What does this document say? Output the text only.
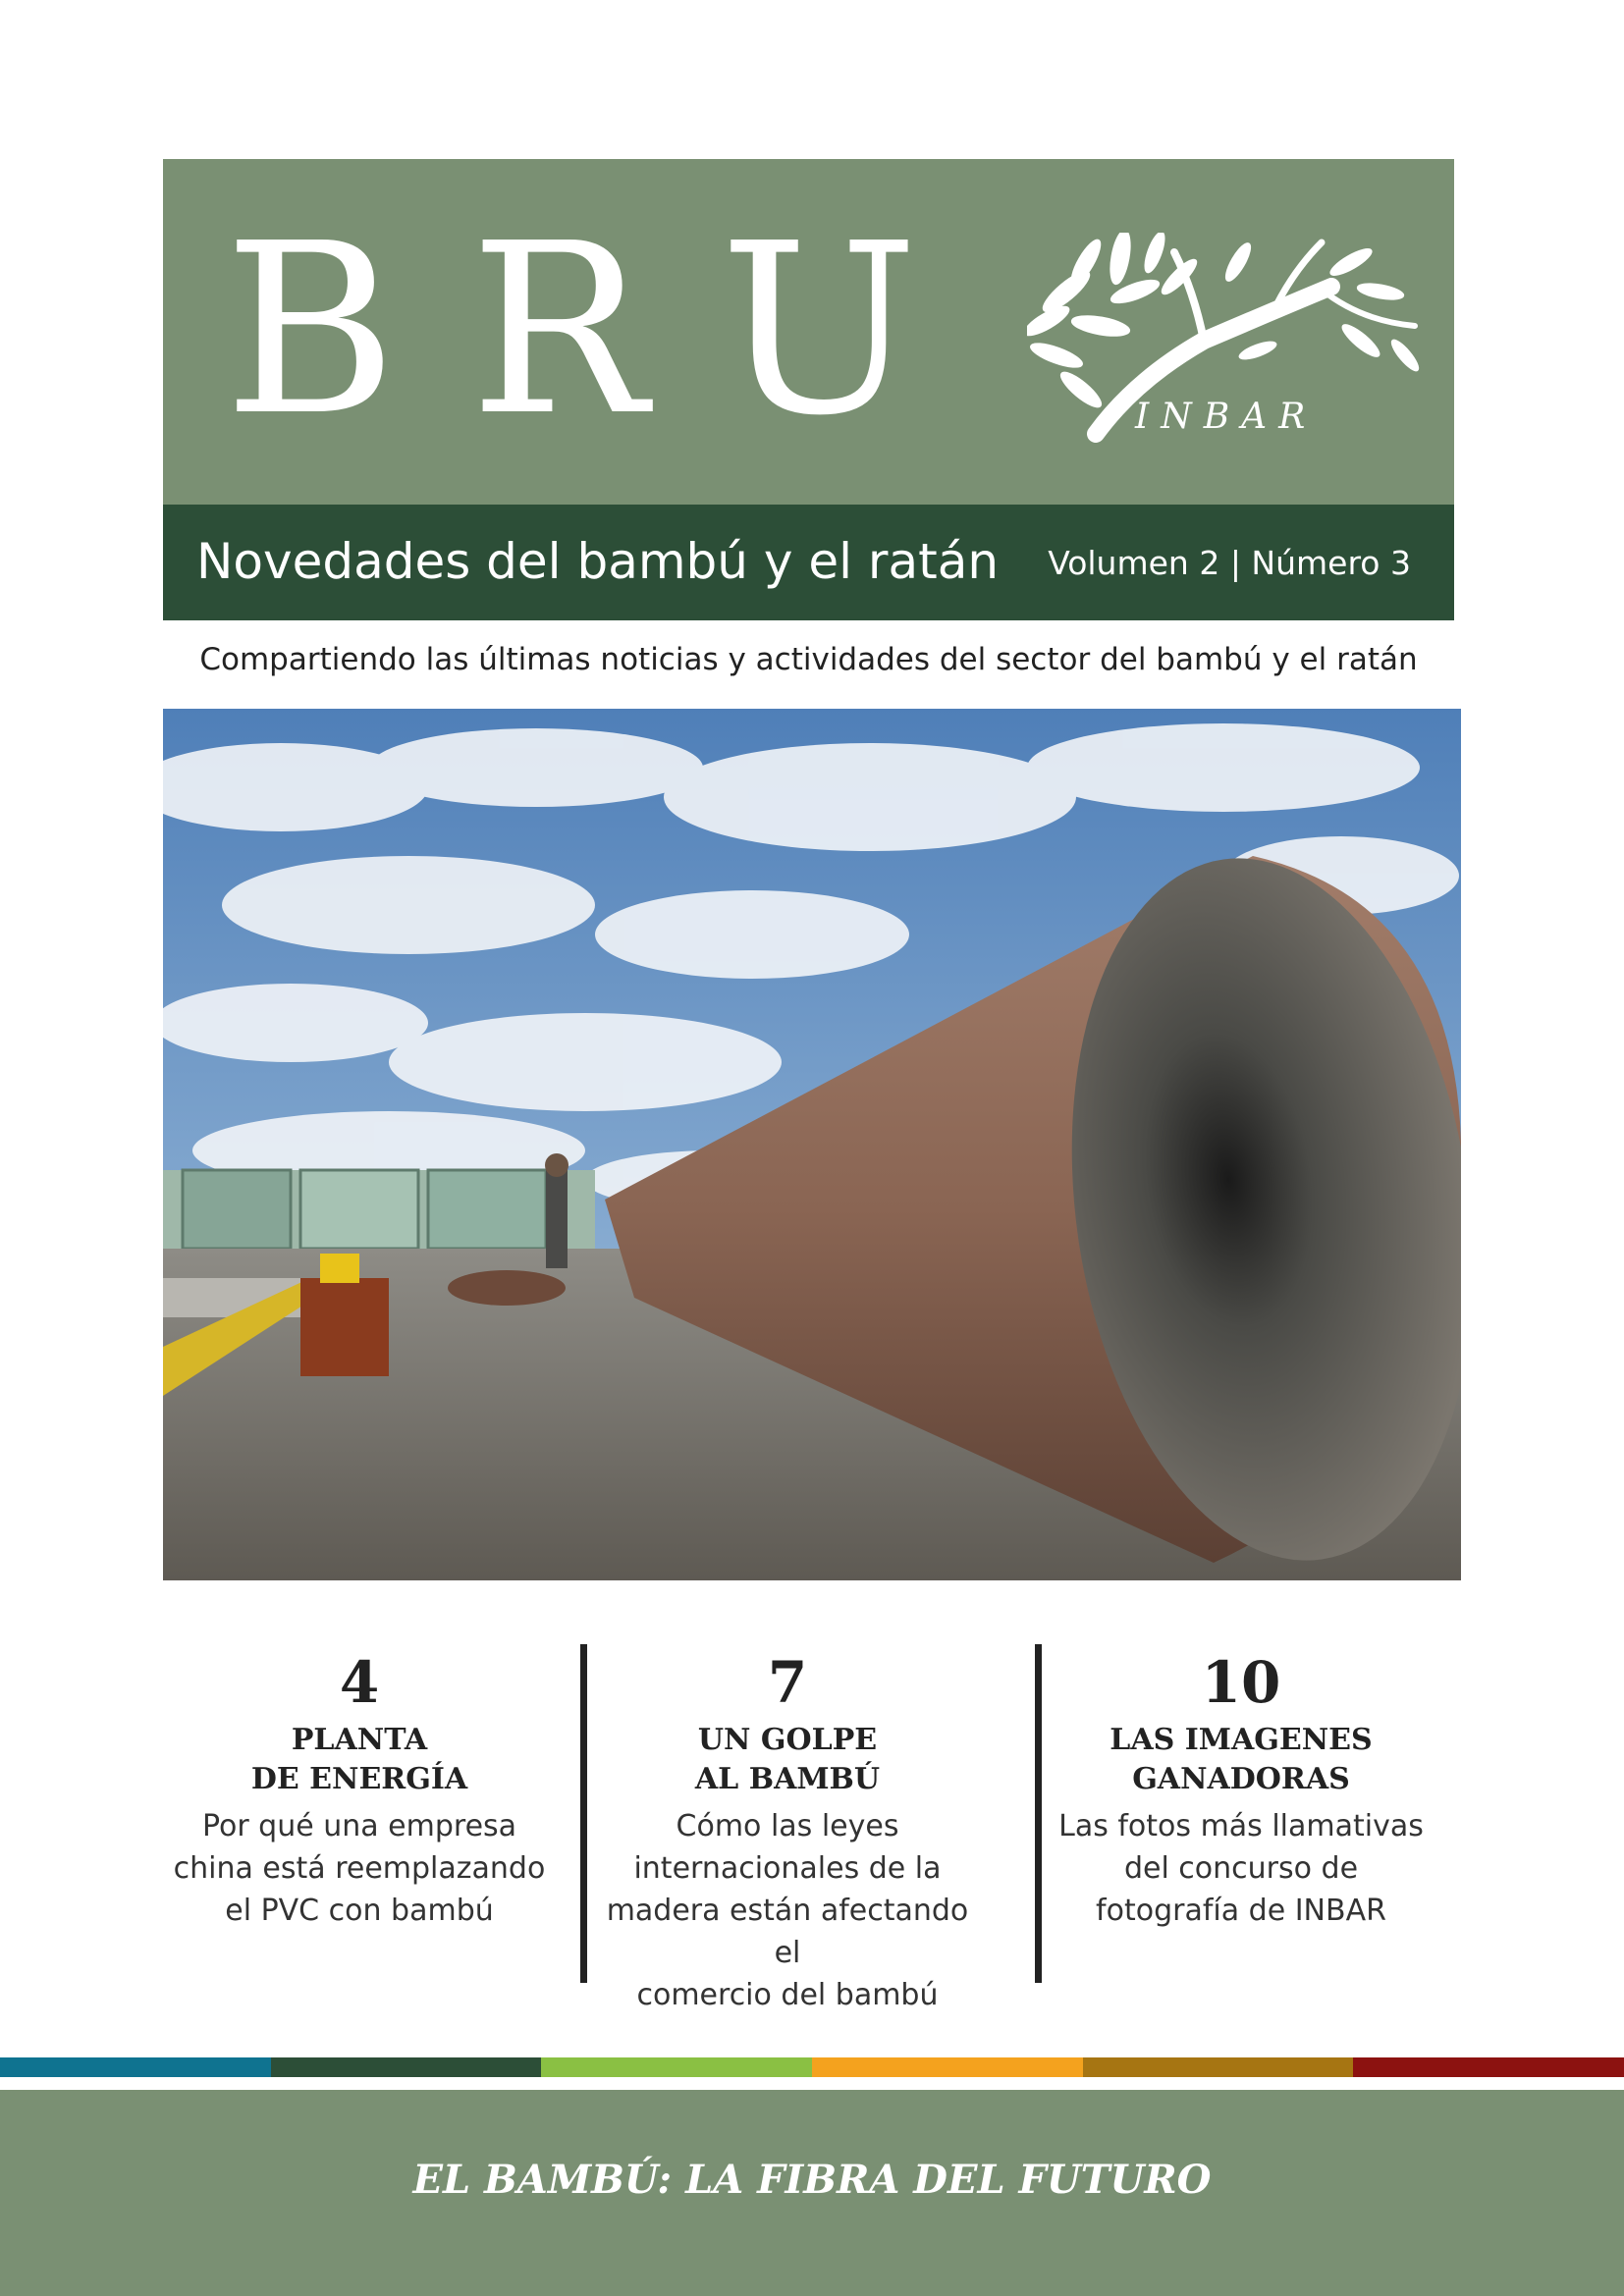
BRU	INBAR

Novedades del bambú y el ratán Volumen 2 | Número 3

Compartiendo las últimas noticias y actividades del sector del bambú y el ratán

4

PLANTA
DE ENERGÍA

Por qué una empresa
china está reemplazando
el PVC con bambú

7

UN GOLPE
AL BAMBÚ

Cómo las leyes
internacionales de la
madera están afectando el
comercio del bambú

10

LAS IMAGENES
GANADORAS

Las fotos más llamativas
del concurso de
fotografía de INBAR

EL BAMBÚ: LA FIBRA DEL FUTURO
